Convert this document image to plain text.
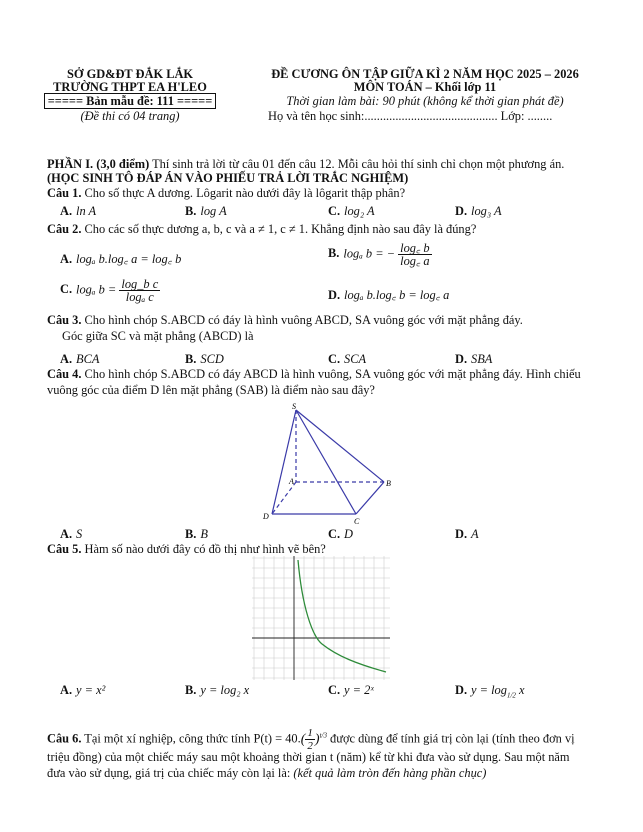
SỞ GD&ĐT ĐẮK LẮK
TRƯỜNG THPT EA H'LEO
===== Bản mẫu đề: 111 =====
(Đề thi có 04 trang)
ĐỀ CƯƠNG ÔN TẬP GIỮA KÌ 2 NĂM HỌC 2025 – 2026
MÔN TOÁN – Khối lớp 11
Thời gian làm bài: 90 phút (không kể thời gian phát đề)
Họ và tên học sinh:........................................... Lớp: ........
PHẦN I. (3,0 điểm) Thí sinh trả lời từ câu 01 đến câu 12. Mỗi câu hỏi thí sinh chỉ chọn một phương án.
(HỌC SINH TÔ ĐÁP ÁN VÀO PHIẾU TRẢ LỜI TRẮC NGHIỆM)
Câu 1. Cho số thực A dương. Lôgarit nào dưới đây là lôgarit thập phân?
A. ln A	B. log A	C. log₂ A	D. log₃ A
Câu 2. Cho các số thực dương a, b, c và a ≠ 1, c ≠ 1. Khẳng định nào sau đây là đúng?
A. logₐ b.log꜀ a = log꜀ b	B. logₐ b = − $\frac{\log꜀ b}{\log꜀ a}$
C. logₐ $b = \frac{\text{log\_b c}}{\text{logₐ c}}$	D. logₐ b.log꜀ b = log꜀ a
Câu 3. Cho hình chóp S.ABCD có đáy là hình vuông ABCD, SA vuông góc với mặt phẳng đáy.
Góc giữa SC và mặt phẳng (ABCD) là
A. BCA	B. SCD	C. SCA	D. SBA
Câu 4. Cho hình chóp S.ABCD có đáy ABCD là hình vuông, SA vuông góc với mặt phẳng đáy. Hình chiếu
vuông góc của điểm D lên mặt phẳng (SAB) là điểm nào sau đây?
S
A	B
C
D
A. S	B. B	C. D	D. A
Câu 5. Hàm số nào dưới đây có đồ thị như hình vẽ bên?
A. y = x²	B. y = log₂ x	C. y = 2ˣ	D. $y = \log_{1/2} x$
Câu 6. Tại một xí nghiệp, công thức tính $P(t) = 40.( \frac{1}{2} )^{t/3}$ được dùng để tính giá trị còn lại (tính theo đơn vị
triệu đồng) của một chiếc máy sau một khoảng thời gian t (năm) kể từ khi đưa vào sử dụng. Sau một năm
đưa vào sử dụng, giá trị của chiếc máy còn lại là: (kết quả làm tròn đến hàng phần chục)
